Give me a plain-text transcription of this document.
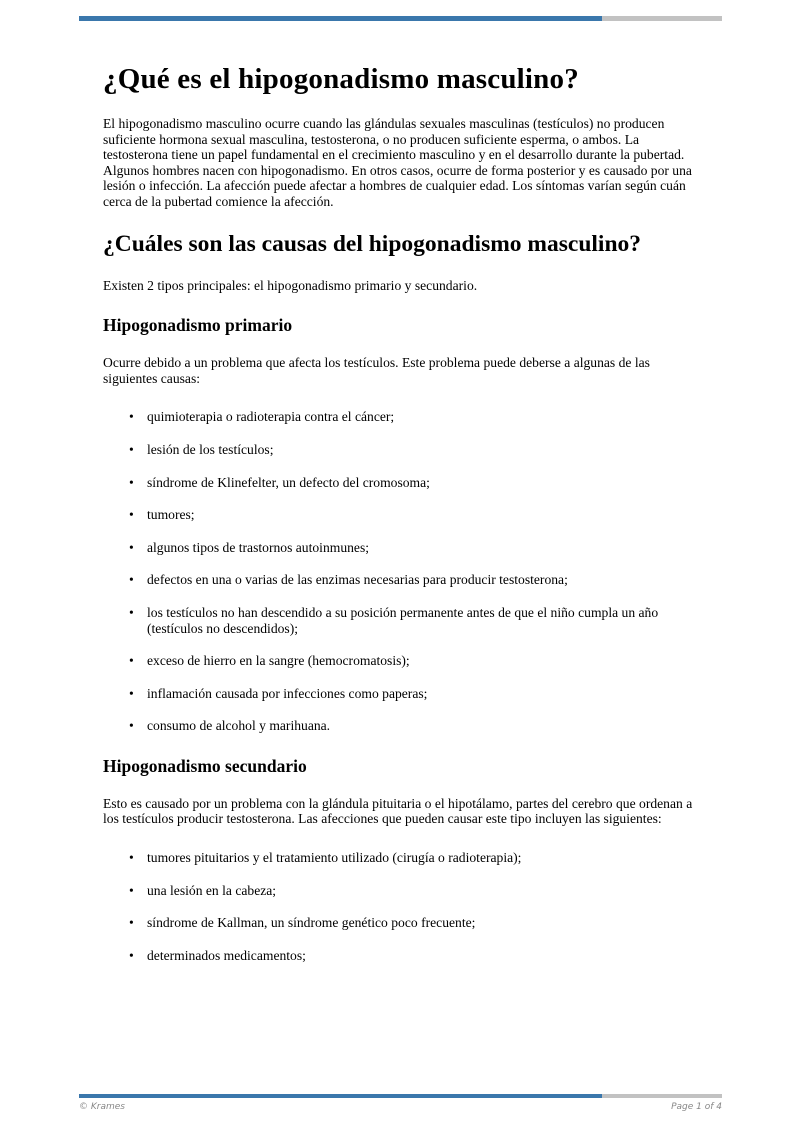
¿Qué es el hipogonadismo masculino?

El hipogonadismo masculino ocurre cuando las glándulas sexuales masculinas (testículos) no producen suficiente hormona sexual masculina, testosterona, o no producen suficiente esperma, o ambos. La testosterona tiene un papel fundamental en el crecimiento masculino y en el desarrollo durante la pubertad. Algunos hombres nacen con hipogonadismo. En otros casos, ocurre de forma posterior y es causado por una lesión o infección. La afección puede afectar a hombres de cualquier edad. Los síntomas varían según cuán cerca de la pubertad comience la afección.

¿Cuáles son las causas del hipogonadismo masculino?

Existen 2 tipos principales: el hipogonadismo primario y secundario.

Hipogonadismo primario

Ocurre debido a un problema que afecta los testículos. Este problema puede deberse a algunas de las siguientes causas:

• quimioterapia o radioterapia contra el cáncer;
• lesión de los testículos;
• síndrome de Klinefelter, un defecto del cromosoma;
• tumores;
• algunos tipos de trastornos autoinmunes;
• defectos en una o varias de las enzimas necesarias para producir testosterona;
• los testículos no han descendido a su posición permanente antes de que el niño cumpla un año (testículos no descendidos);
• exceso de hierro en la sangre (hemocromatosis);
• inflamación causada por infecciones como paperas;
• consumo de alcohol y marihuana.
Hipogonadismo secundario

Esto es causado por un problema con la glándula pituitaria o el hipotálamo, partes del cerebro que ordenan a los testículos producir testosterona. Las afecciones que pueden causar este tipo incluyen las siguientes:

• tumores pituitarios y el tratamiento utilizado (cirugía o radioterapia);
• una lesión en la cabeza;
• síndrome de Kallman, un síndrome genético poco frecuente;
• determinados medicamentos;
© Krames	Page 1 of 4
